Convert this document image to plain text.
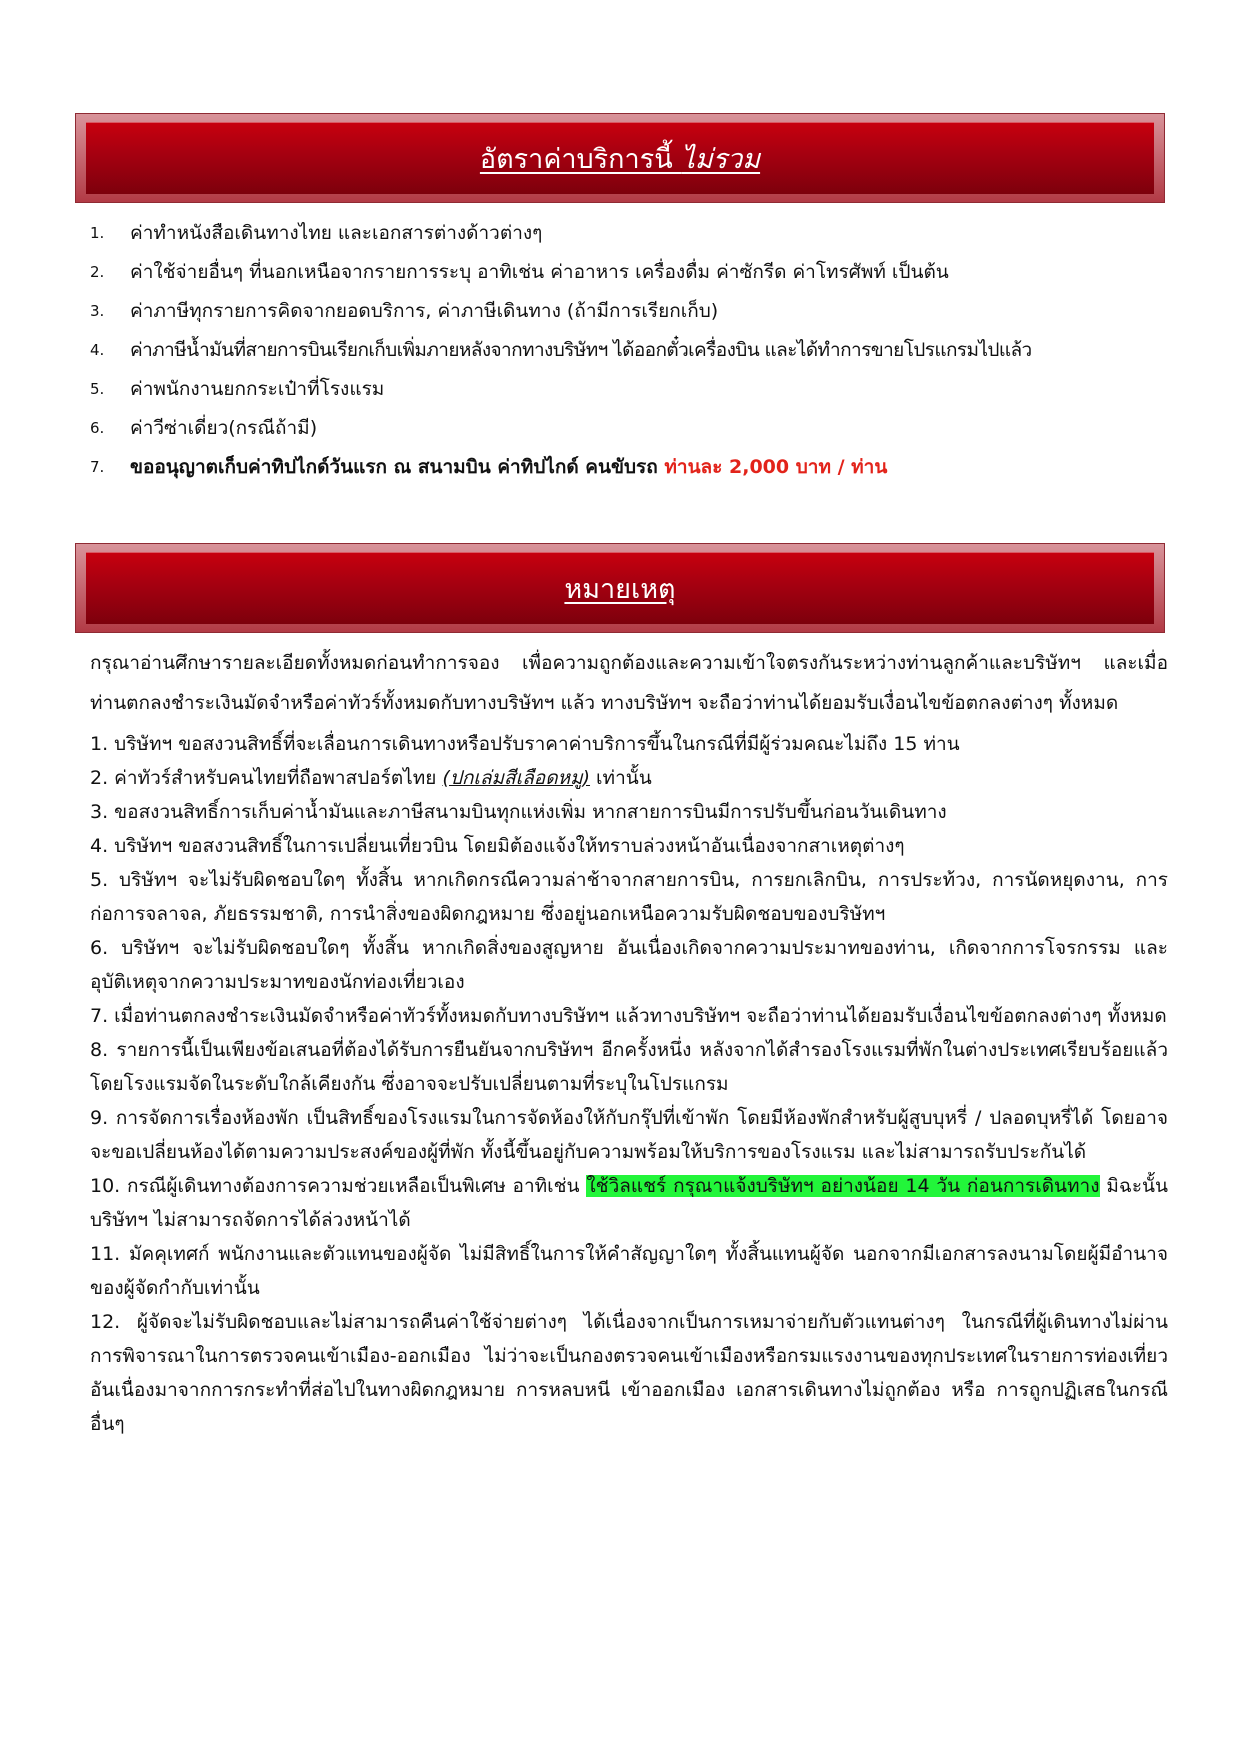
อัตราค่าบริการนี้ ไม่รวม
1.	ค่าทำหนังสือเดินทางไทย และเอกสารต่างด้าวต่างๆ
2.	ค่าใช้จ่ายอื่นๆ ที่นอกเหนือจากรายการระบุ อาทิเช่น ค่าอาหาร เครื่องดื่ม ค่าซักรีด ค่าโทรศัพท์ เป็นต้น
3.	ค่าภาษีทุกรายการคิดจากยอดบริการ, ค่าภาษีเดินทาง (ถ้ามีการเรียกเก็บ)
4.	ค่าภาษีน้ำมันที่สายการบินเรียกเก็บเพิ่มภายหลังจากทางบริษัทฯ ได้ออกตั๋วเครื่องบิน และได้ทำการขายโปรแกรมไปแล้ว
5.	ค่าพนักงานยกกระเป๋าที่โรงแรม
6.	ค่าวีซ่าเดี่ยว(กรณีถ้ามี)
7.	ขออนุญาตเก็บค่าทิปไกด์วันแรก ณ สนามบิน ค่าทิปไกด์ คนขับรถ ท่านละ 2,000 บาท / ท่าน
หมายเหตุ

กรุณาอ่านศึกษารายละเอียดทั้งหมดก่อนทำการจอง เพื่อความถูกต้องและความเข้าใจตรงกันระหว่างท่านลูกค้าและบริษัทฯ และเมื่อท่านตกลงชำระเงินมัดจำหรือค่าทัวร์ทั้งหมดกับทางบริษัทฯ แล้ว ทางบริษัทฯ จะถือว่าท่านได้ยอมรับเงื่อนไขข้อตกลงต่างๆ ทั้งหมด

1. บริษัทฯ ขอสงวนสิทธิ์ที่จะเลื่อนการเดินทางหรือปรับราคาค่าบริการขึ้นในกรณีที่มีผู้ร่วมคณะไม่ถึง 15 ท่าน

2. ค่าทัวร์สำหรับคนไทยที่ถือพาสปอร์ตไทย (ปกเล่มสีเลือดหมู) เท่านั้น

3. ขอสงวนสิทธิ์การเก็บค่าน้ำมันและภาษีสนามบินทุกแห่งเพิ่ม หากสายการบินมีการปรับขึ้นก่อนวันเดินทาง

4. บริษัทฯ ขอสงวนสิทธิ์ในการเปลี่ยนเที่ยวบิน โดยมิต้องแจ้งให้ทราบล่วงหน้าอันเนื่องจากสาเหตุต่างๆ

5. บริษัทฯ จะไม่รับผิดชอบใดๆ ทั้งสิ้น หากเกิดกรณีความล่าช้าจากสายการบิน, การยกเลิกบิน, การประท้วง, การนัดหยุดงาน, การก่อการจลาจล, ภัยธรรมชาติ, การนำสิ่งของผิดกฎหมาย ซึ่งอยู่นอกเหนือความรับผิดชอบของบริษัทฯ

6. บริษัทฯ จะไม่รับผิดชอบใดๆ ทั้งสิ้น หากเกิดสิ่งของสูญหาย อันเนื่องเกิดจากความประมาทของท่าน, เกิดจากการโจรกรรม และ อุบัติเหตุจากความประมาทของนักท่องเที่ยวเอง

7. เมื่อท่านตกลงชำระเงินมัดจำหรือค่าทัวร์ทั้งหมดกับทางบริษัทฯ แล้วทางบริษัทฯ จะถือว่าท่านได้ยอมรับเงื่อนไขข้อตกลงต่างๆ ทั้งหมด

8. รายการนี้เป็นเพียงข้อเสนอที่ต้องได้รับการยืนยันจากบริษัทฯ อีกครั้งหนึ่ง หลังจากได้สำรองโรงแรมที่พักในต่างประเทศเรียบร้อยแล้ว โดยโรงแรมจัดในระดับใกล้เคียงกัน ซึ่งอาจจะปรับเปลี่ยนตามที่ระบุในโปรแกรม

9. การจัดการเรื่องห้องพัก เป็นสิทธิ์ของโรงแรมในการจัดห้องให้กับกรุ๊ปที่เข้าพัก โดยมีห้องพักสำหรับผู้สูบบุหรี่ / ปลอดบุหรี่ได้ โดยอาจจะขอเปลี่ยนห้องได้ตามความประสงค์ของผู้ที่พัก ทั้งนี้ขึ้นอยู่กับความพร้อมให้บริการของโรงแรม และไม่สามารถรับประกันได้

10. กรณีผู้เดินทางต้องการความช่วยเหลือเป็นพิเศษ อาทิเช่น ใช้วิลแชร์ กรุณาแจ้งบริษัทฯ อย่างน้อย 14 วัน ก่อนการเดินทาง มิฉะนั้น บริษัทฯ ไม่สามารถจัดการได้ล่วงหน้าได้

11. มัคคุเทศก์ พนักงานและตัวแทนของผู้จัด ไม่มีสิทธิ์ในการให้คำสัญญาใดๆ ทั้งสิ้นแทนผู้จัด นอกจากมีเอกสารลงนามโดยผู้มีอำนาจของผู้จัดกำกับเท่านั้น

12. ผู้จัดจะไม่รับผิดชอบและไม่สามารถคืนค่าใช้จ่ายต่างๆ ได้เนื่องจากเป็นการเหมาจ่ายกับตัวแทนต่างๆ ในกรณีที่ผู้เดินทางไม่ผ่านการพิจารณาในการตรวจคนเข้าเมือง-ออกเมือง ไม่ว่าจะเป็นกองตรวจคนเข้าเมืองหรือกรมแรงงานของทุกประเทศในรายการท่องเที่ยว อันเนื่องมาจากการกระทำที่ส่อไปในทางผิดกฎหมาย การหลบหนี เข้าออกเมือง เอกสารเดินทางไม่ถูกต้อง หรือ การถูกปฏิเสธในกรณีอื่นๆ
